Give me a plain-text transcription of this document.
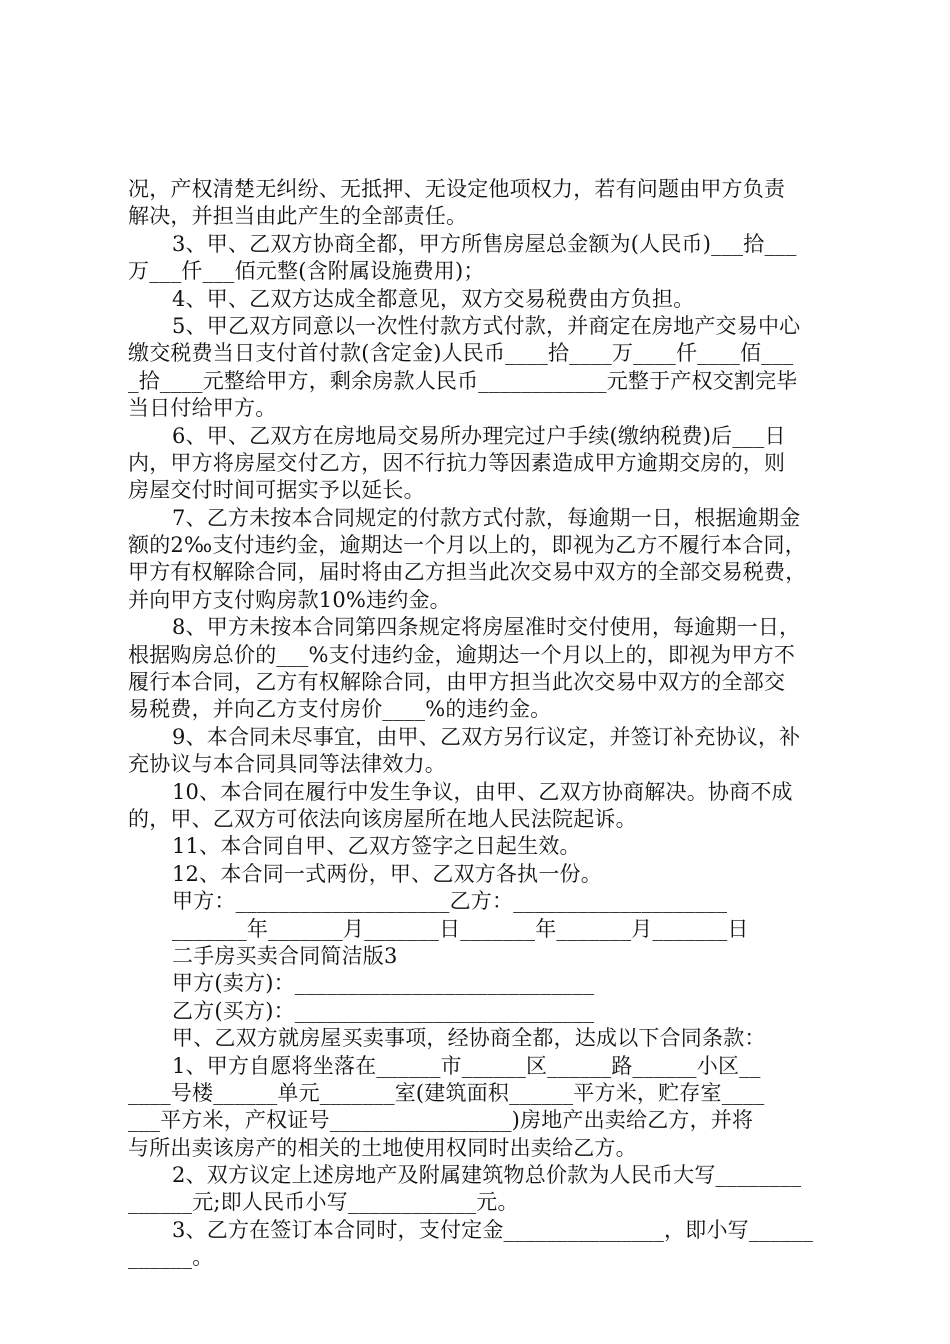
况，产权清楚无纠纷、无抵押、无设定他项权力，若有问题由甲方负责
解决，并担当由此产生的全部责任。
3、甲、乙双方协商全都，甲方所售房屋总金额为(人民币)___拾___
万___仟___佰元整(含附属设施费用)；
4、甲、乙双方达成全都意见，双方交易税费由方负担。
5、甲乙双方同意以一次性付款方式付款，并商定在房地产交易中心
缴交税费当日支付首付款(含定金)人民币____拾____万____仟____佰___
_拾____元整给甲方，剩余房款人民币____________元整于产权交割完毕
当日付给甲方。
6、甲、乙双方在房地局交易所办理完过户手续(缴纳税费)后___日
内，甲方将房屋交付乙方，因不行抗力等因素造成甲方逾期交房的，则
房屋交付时间可据实予以延长。
7、乙方未按本合同规定的付款方式付款，每逾期一日，根据逾期金
额的2‰支付违约金，逾期达一个月以上的，即视为乙方不履行本合同，
甲方有权解除合同，届时将由乙方担当此次交易中双方的全部交易税费，
并向甲方支付购房款10%违约金。
8、甲方未按本合同第四条规定将房屋准时交付使用，每逾期一日，
根据购房总价的___%支付违约金，逾期达一个月以上的，即视为甲方不
履行本合同，乙方有权解除合同，由甲方担当此次交易中双方的全部交
易税费，并向乙方支付房价____%的违约金。
9、本合同未尽事宜，由甲、乙双方另行议定，并签订补充协议，补
充协议与本合同具同等法律效力。
10、本合同在履行中发生争议，由甲、乙双方协商解决。协商不成
的，甲、乙双方可依法向该房屋所在地人民法院起诉。
11、本合同自甲、乙双方签字之日起生效。
12、本合同一式两份，甲、乙双方各执一份。
甲方：____________________乙方：____________________
_______年_______月_______日_______年_______月_______日
二手房买卖合同简洁版3
甲方(卖方)：____________________________
乙方(买方)：____________________________
甲、乙双方就房屋买卖事项，经协商全都，达成以下合同条款：
1、甲方自愿将坐落在______市______区______路______小区__
____号楼______单元_______室(建筑面积______平方米，贮存室____
___平方米，产权证号_________________)房地产出卖给乙方，并将
与所出卖该房产的相关的土地使用权同时出卖给乙方。
2、双方议定上述房地产及附属建筑物总价款为人民币大写________
______元;即人民币小写____________元。
3、乙方在签订本合同时，支付定金_______________，即小写______
______。
